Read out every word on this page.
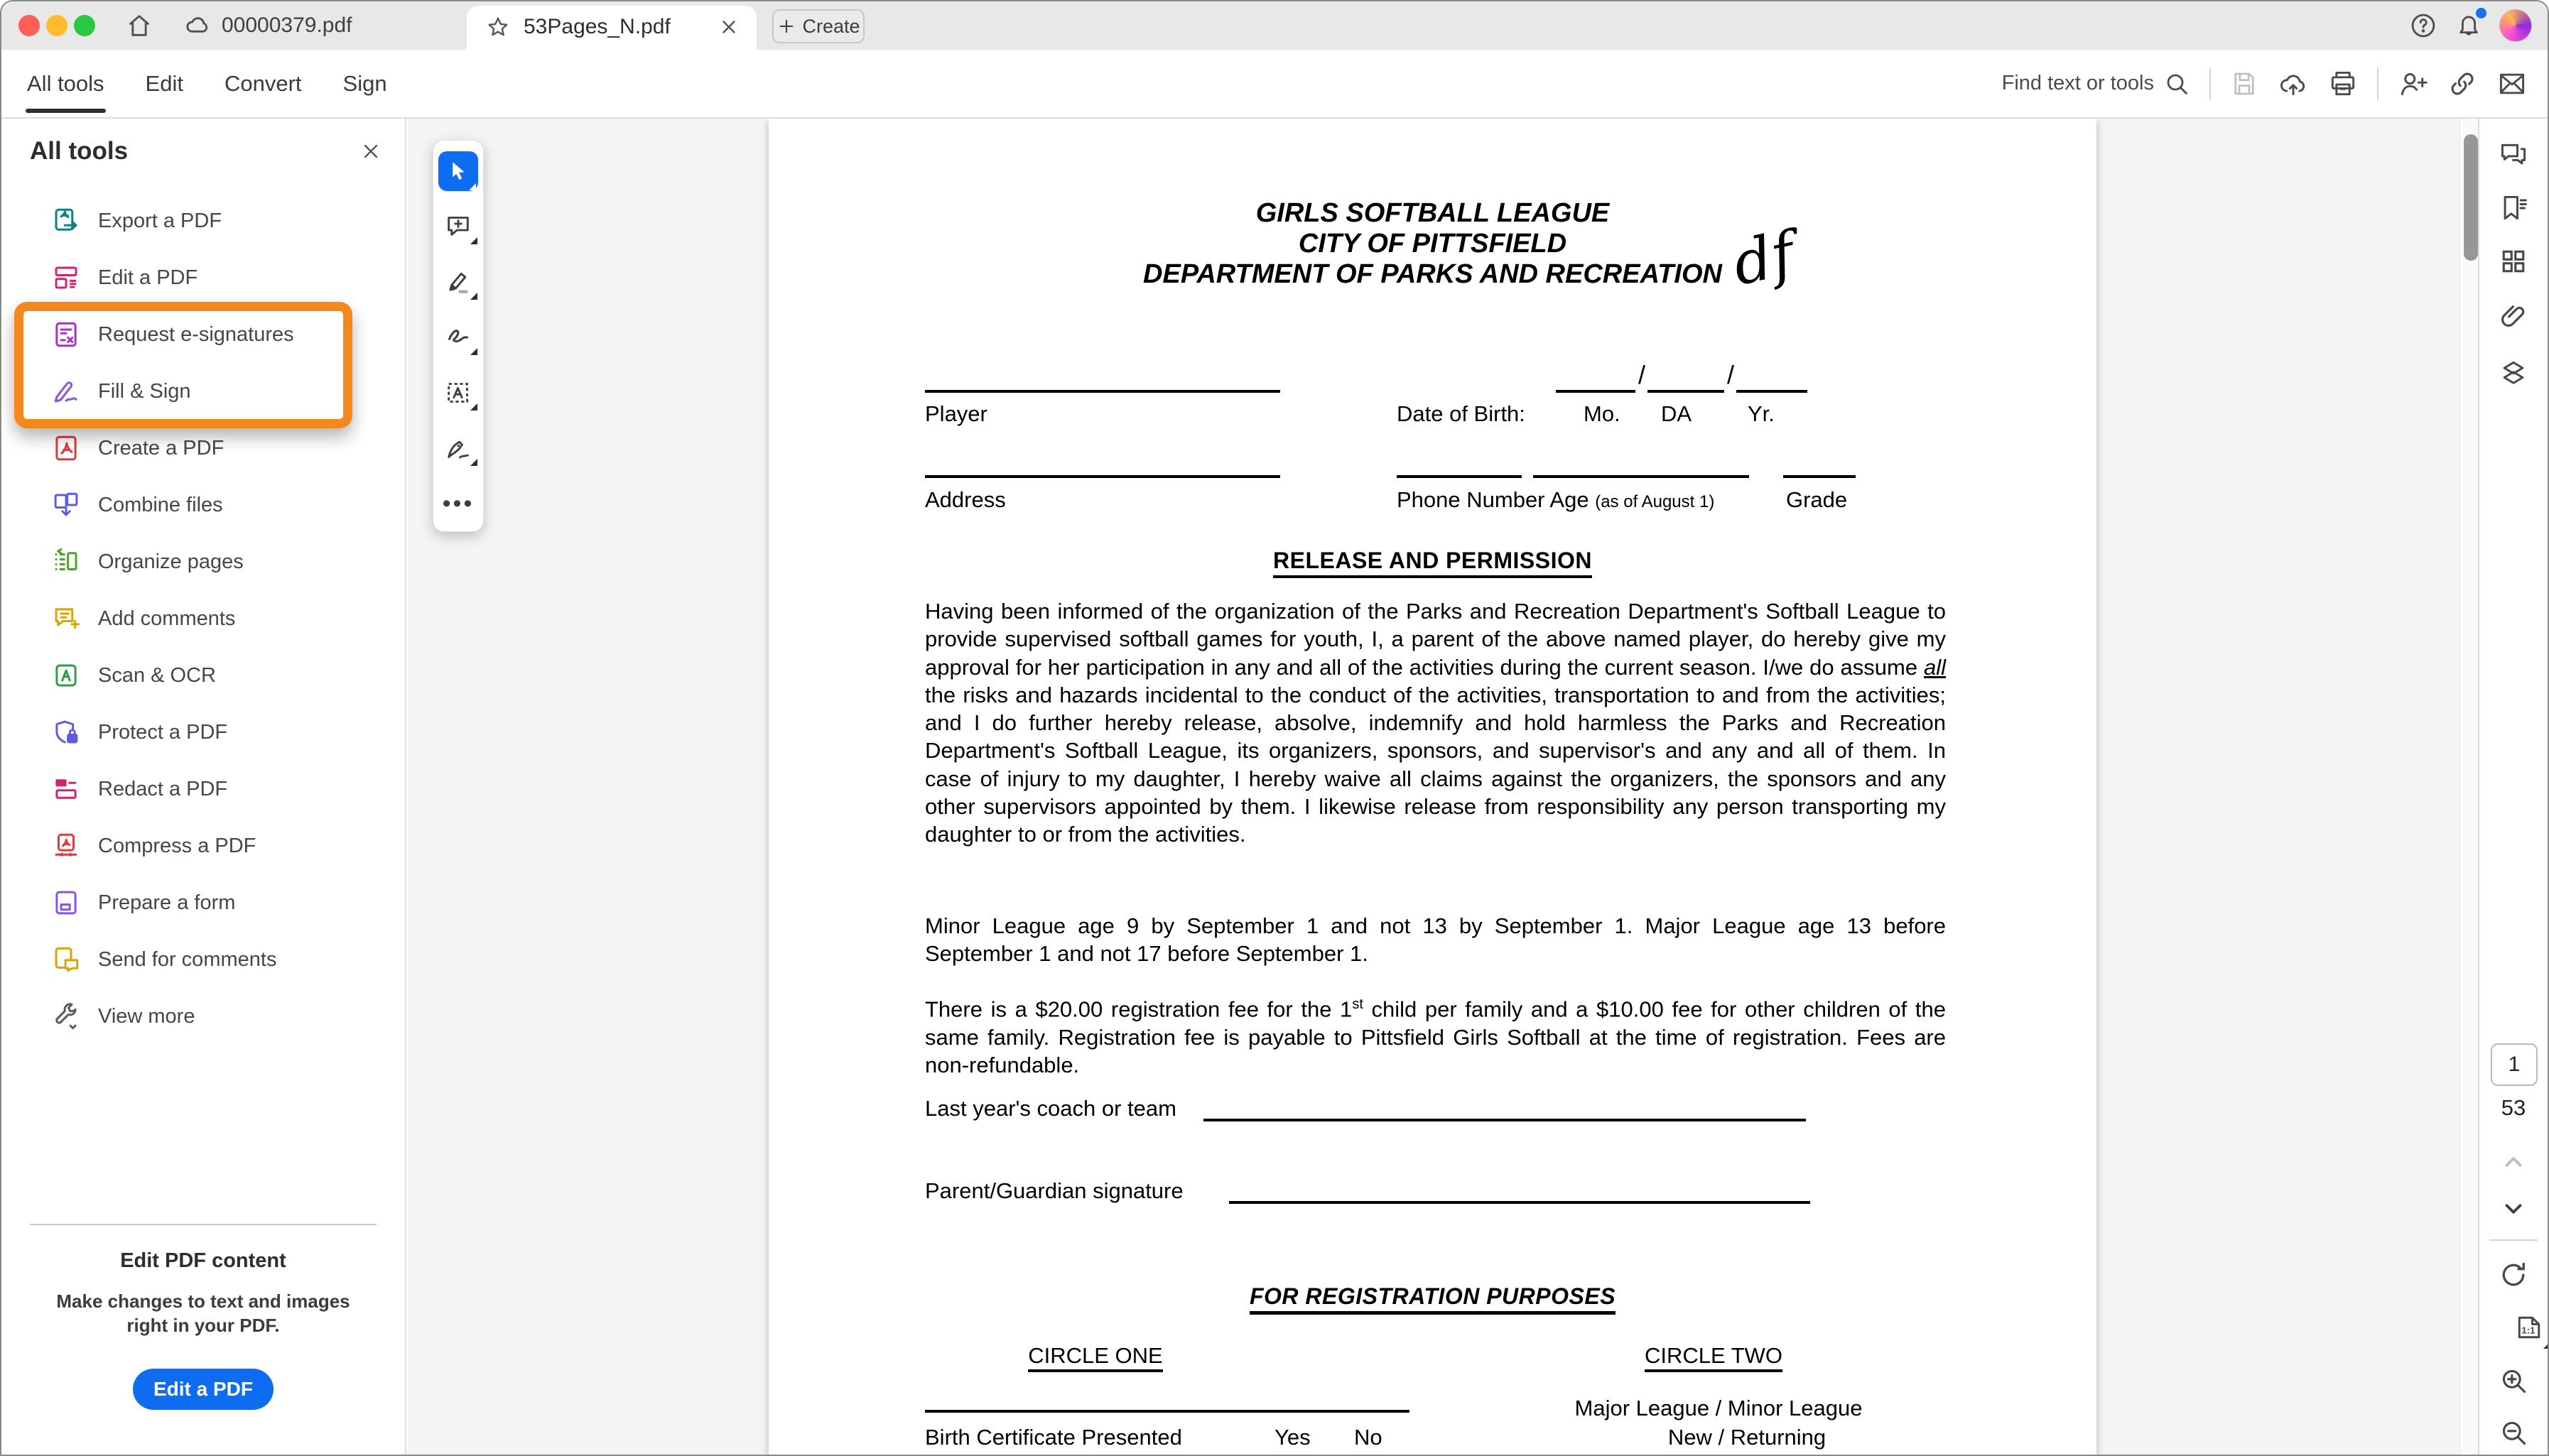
00000379.pdf	53Pages_N.pdf	Create
All tools Edit Convert Sign
Find text or tools
All tools
Export a PDF
Edit a PDF
Request e-signatures
Fill & Sign
Create a PDF
Combine files
Organize pages
Add comments
Scan & OCR
Protect a PDF
Redact a PDF
Compress a PDF
Prepare a form
Send for comments
View more
Edit PDF content
Make changes to text and images right in your PDF.
Edit a PDF
•••
GIRLS SOFTBALL LEAGUE
CITY OF PITTSFIELD
DEPARTMENT OF PARKS AND RECREATION df
Player	Date of Birth:
/	/
Mo. DA	Yr.
Address	Phone Number Age (as of August 1)	Grade
RELEASE AND PERMISSION
Having been informed of the organization of the Parks and Recreation Department's Softball League to provide supervised softball games for youth, I, a parent of the above named player, do hereby give my approval for her participation in any and all of the activities during the current season. I/we do assume all the risks and hazards incidental to the conduct of the activities, transportation to and from the activities; and I do further hereby release, absolve, indemnify and hold harmless the Parks and Recreation Department's Softball League, its organizers, sponsors, and supervisor's and any and all of them. In case of injury to my daughter, I hereby waive all claims against the organizers, the sponsors and any other supervisors appointed by them. I likewise release from responsibility any person transporting my daughter to or from the activities.
Minor League age 9 by September 1 and not 13 by September 1. Major League age 13 before September 1 and not 17 before September 1.
There is a $20.00 registration fee for the 1st child per family and a $10.00 fee for other children of the same family. Registration fee is payable to Pittsfield Girls Softball at the time of registration. Fees are non-refundable.
Last year's coach or team
Parent/Guardian signature
FOR REGISTRATION PURPOSES
CIRCLE ONE	CIRCLE TWO
Birth Certificate Presented	Yes No
Major League / Minor League
New / Returning
1
53
1:1
